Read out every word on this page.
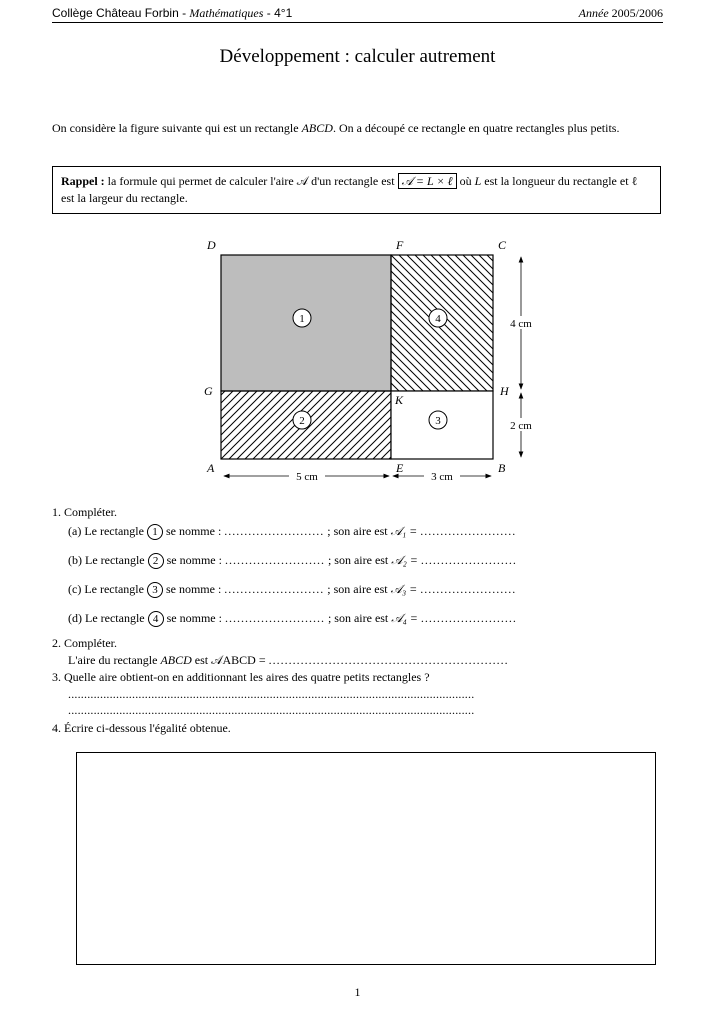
Collège Château Forbin - Mathématiques - 4°1	Année 2005/2006
Développement : calculer autrement
On considère la figure suivante qui est un rectangle ABCD. On a découpé ce rectangle en quatre rectangles plus petits.
Rappel : la formule qui permet de calculer l'aire 𝒜 d'un rectangle est 𝒜 = L × ℓ où L est la longueur du rectangle et ℓ est la largeur du rectangle.
1	4
2	3
D	F	C
G	H
K
A	E	B
5 cm	3 cm
4 cm
2 cm
1. Compléter.
(a) Le rectangle 1 se nomme : ......................... ; son aire est 𝒜₁ = ........................
(b) Le rectangle 2 se nomme : ......................... ; son aire est 𝒜₂ = ........................
(c) Le rectangle 3 se nomme : ......................... ; son aire est 𝒜₃ = ........................
(d) Le rectangle 4 se nomme : ......................... ; son aire est 𝒜₄ = ........................
2. Compléter.
L'aire du rectangle ABCD est 𝒜ABCD = ............................................................
3. Quelle aire obtient-on en additionnant les aires des quatre petits rectangles ?
...............................................................................................................................
...............................................................................................................................
4. Écrire ci-dessous l'égalité obtenue.
1
